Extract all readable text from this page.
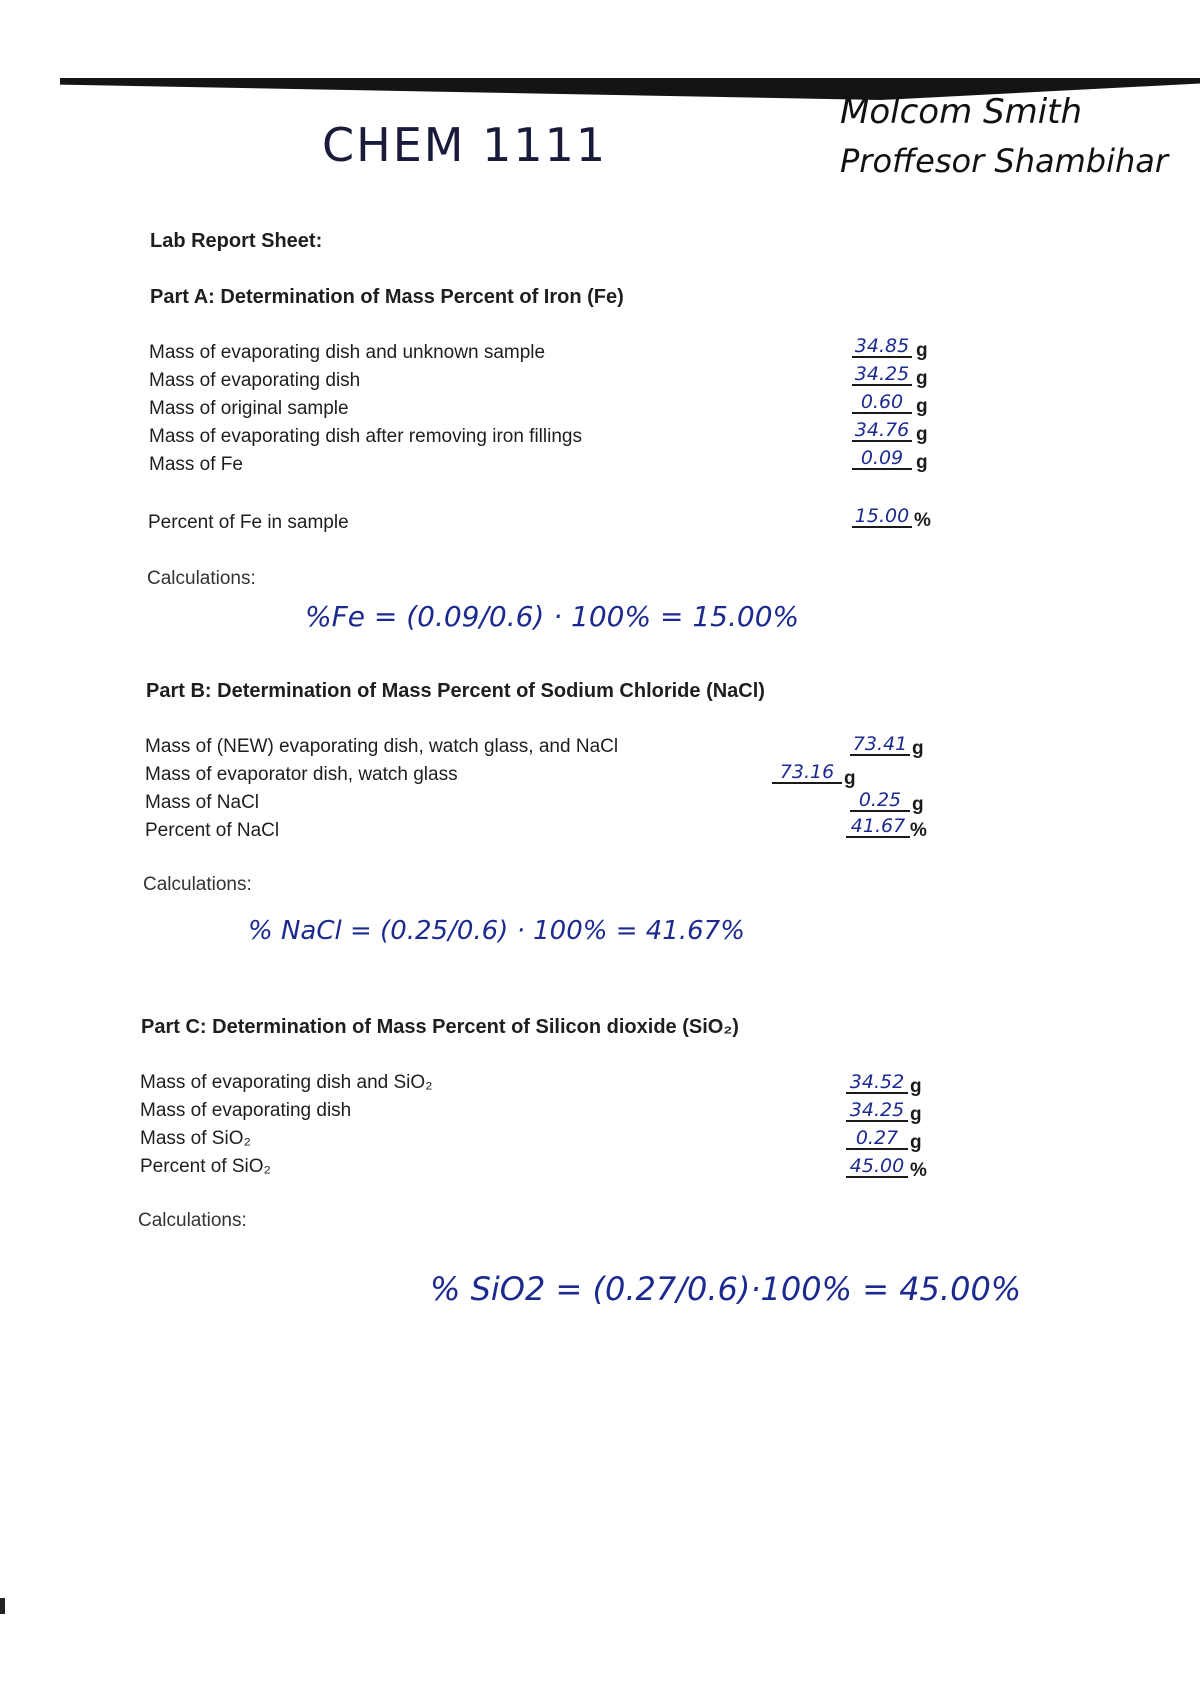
CHEM 1111
Molcom Smith
Proffesor Shambihar
Lab Report Sheet:
Part A: Determination of Mass Percent of Iron (Fe)
Mass of evaporating dish and unknown sample
Mass of evaporating dish
Mass of original sample
Mass of evaporating dish after removing iron fillings
Mass of Fe
34.85
34.25
0.60
34.76
0.09
g
g
g
g
g
Percent of Fe in sample	15.00 %
Calculations:
%Fe = (0.09/0.6) · 100% = 15.00%
Part B: Determination of Mass Percent of Sodium Chloride (NaCl)
Mass of (NEW) evaporating dish, watch glass, and NaCl
Mass of evaporator dish, watch glass
Mass of NaCl
Percent of NaCl
73.41
73.16
0.25
41.67
g
g
g
%
Calculations:
% NaCl = (0.25/0.6) · 100% = 41.67%
Part C: Determination of Mass Percent of Silicon dioxide (SiO₂)
Mass of evaporating dish and SiO₂
Mass of evaporating dish
Mass of SiO₂
Percent of SiO₂
34.52
34.25
0.27
45.00
g
g
g
%
Calculations:
% SiO2 = (0.27/0.6)·100% = 45.00%
